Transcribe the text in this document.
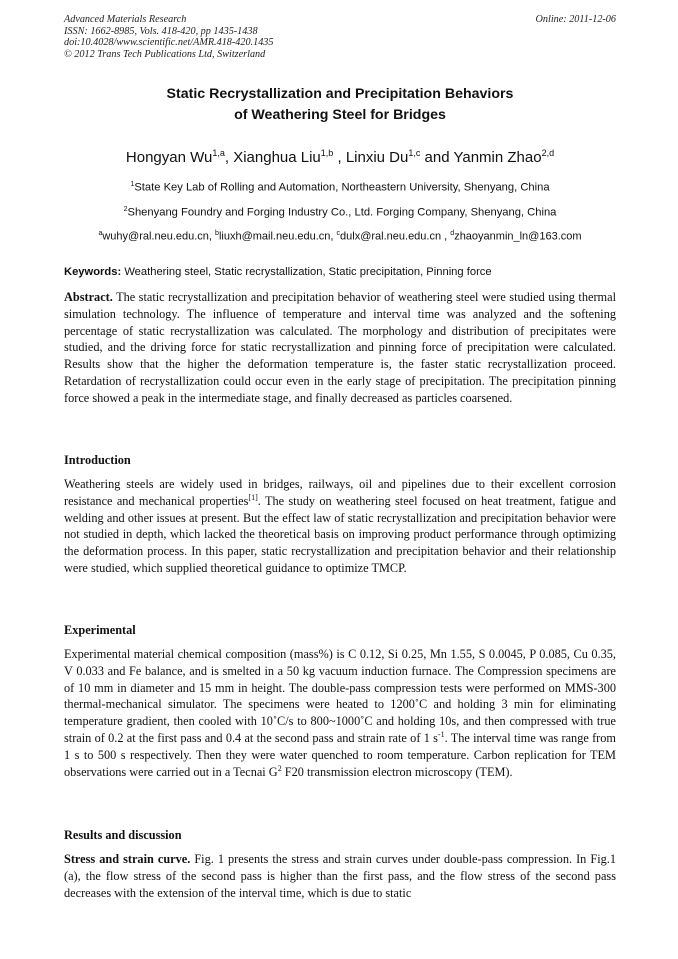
Advanced Materials Research
ISSN: 1662-8985, Vols. 418-420, pp 1435-1438
doi:10.4028/www.scientific.net/AMR.418-420.1435
© 2012 Trans Tech Publications Ltd, Switzerland
Online: 2011-12-06
Static Recrystallization and Precipitation Behaviors
of Weathering Steel for Bridges
Hongyan Wu$^{1,a}$, Xianghua Liu$^{1,b}$ , Linxiu Du$^{1,c}$ and Yanmin Zhao$^{2,d}$
$^1$State Key Lab of Rolling and Automation, Northeastern University, Shenyang, China
$^2$Shenyang Foundry and Forging Industry Co., Ltd. Forging Company, Shenyang, China
$^a$wuhy@ral.neu.edu.cn, $^b$liuxh@mail.neu.edu.cn, $^c$dulx@ral.neu.edu.cn , $^d$zhaoyanmin_ln@163.com
Keywords: Weathering steel, Static recrystallization, Static precipitation, Pinning force
Abstract. The static recrystallization and precipitation behavior of weathering steel were studied using thermal simulation technology. The influence of temperature and interval time was analyzed and the softening percentage of static recrystallization was calculated. The morphology and distribution of precipitates were studied, and the driving force for static recrystallization and pinning force of precipitation were calculated. Results show that the higher the deformation temperature is, the faster static recrystallization proceed. Retardation of recrystallization could occur even in the early stage of precipitation. The precipitation pinning force showed a peak in the intermediate stage, and finally decreased as particles coarsened.
Introduction
Weathering steels are widely used in bridges, railways, oil and pipelines due to their excellent corrosion resistance and mechanical properties[1]. The study on weathering steel focused on heat treatment, fatigue and welding and other issues at present. But the effect law of static recrystallization and precipitation behavior were not studied in depth, which lacked the theoretical basis on improving product performance through optimizing the deformation process. In this paper, static recrystallization and precipitation behavior and their relationship were studied, which supplied theoretical guidance to optimize TMCP.
Experimental
Experimental material chemical composition (mass%) is C 0.12, Si 0.25, Mn 1.55, S 0.0045, P 0.085, Cu 0.35, V 0.033 and Fe balance, and is smelted in a 50 kg vacuum induction furnace. The Compression specimens are of 10 mm in diameter and 15 mm in height. The double-pass compression tests were performed on MMS-300 thermal-mechanical simulator. The specimens were heated to 1200˚C and holding 3 min for eliminating temperature gradient, then cooled with 10˚C/s to 800~1000˚C and holding 10s, and then compressed with true strain of 0.2 at the first pass and 0.4 at the second pass and strain rate of 1 $s^{-1}$. The interval time was range from 1 s to 500 s respectively. Then they were water quenched to room temperature. Carbon replication for TEM observations were carried out in a Tecnai $G^2$ F20 transmission electron microscopy (TEM).
Results and discussion
Stress and strain curve. Fig. 1 presents the stress and strain curves under double-pass compression. In Fig.1 (a), the flow stress of the second pass is higher than the first pass, and the flow stress of the second pass decreases with the extension of the interval time, which is due to static
